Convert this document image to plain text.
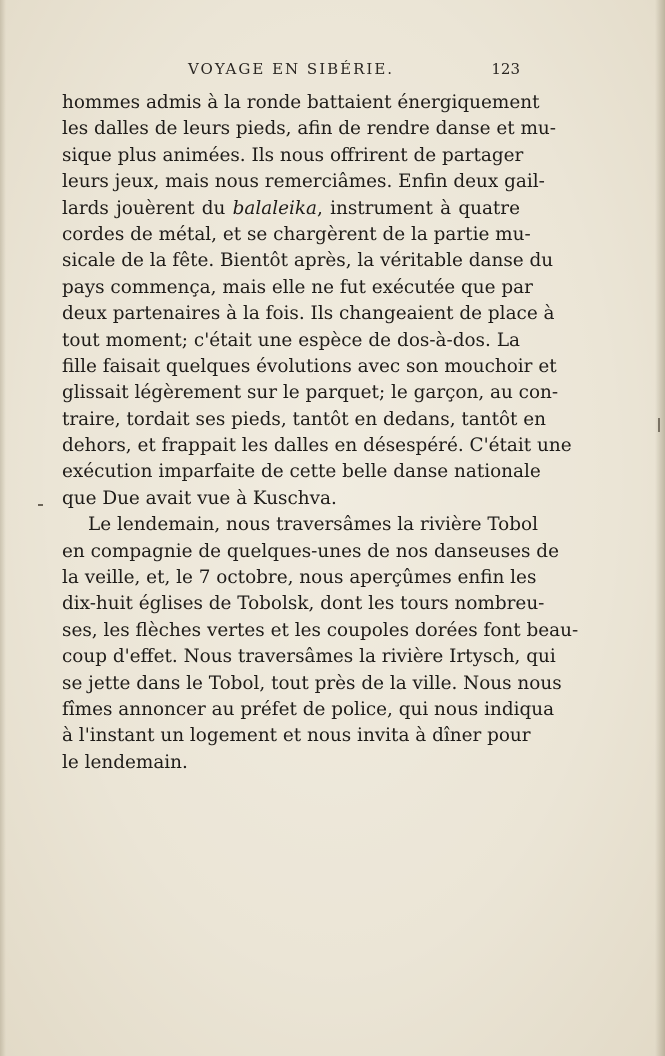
VOYAGE EN SIBÉRIE.	123
hommes admis à la ronde battaient énergiquement
les dalles de leurs pieds, afin de rendre danse et mu-
sique plus animées. Ils nous offrirent de partager
leurs jeux, mais nous remerciâmes. Enfin deux gail-
lards jouèrent du balaleika, instrument à quatre
cordes de métal, et se chargèrent de la partie mu-
sicale de la fête. Bientôt après, la véritable danse du
pays commença, mais elle ne fut exécutée que par
deux partenaires à la fois. Ils changeaient de place à
tout moment; c'était une espèce de dos-à-dos. La
fille faisait quelques évolutions avec son mouchoir et
glissait légèrement sur le parquet; le garçon, au con-
traire, tordait ses pieds, tantôt en dedans, tantôt en
dehors, et frappait les dalles en désespéré. C'était une
exécution imparfaite de cette belle danse nationale
que Due avait vue à Kuschva.
Le lendemain, nous traversâmes la rivière Tobol
en compagnie de quelques-unes de nos danseuses de
la veille, et, le 7 octobre, nous aperçûmes enfin les
dix-huit églises de Tobolsk, dont les tours nombreu-
ses, les flèches vertes et les coupoles dorées font beau-
coup d'effet. Nous traversâmes la rivière Irtysch, qui
se jette dans le Tobol, tout près de la ville. Nous nous
fîmes annoncer au préfet de police, qui nous indiqua
à l'instant un logement et nous invita à dîner pour
le lendemain.
